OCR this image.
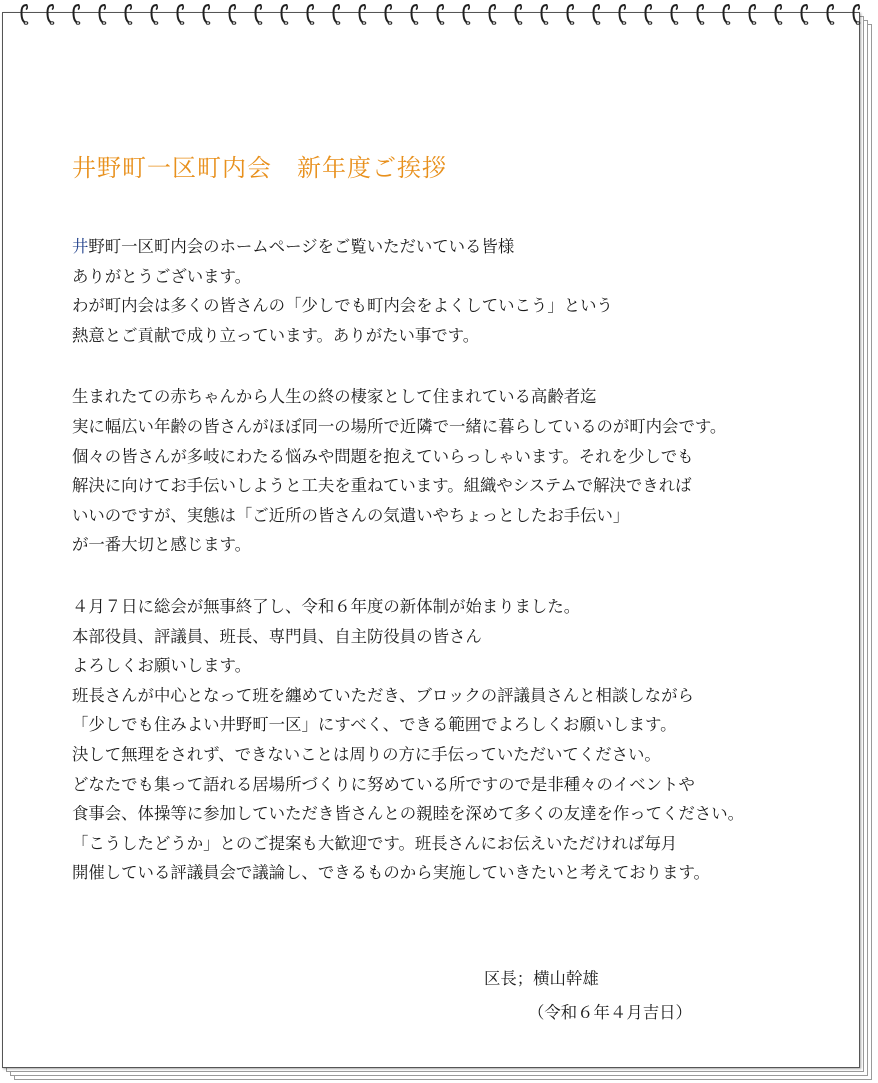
井野町一区町内会　新年度ご挨拶
井野町一区町内会のホームページをご覧いただいている皆様
ありがとうございます。
わが町内会は多くの皆さんの「少しでも町内会をよくしていこう」という
熱意とご貢献で成り立っています。ありがたい事です。
生まれたての赤ちゃんから人生の終の棲家として住まれている高齢者迄
実に幅広い年齢の皆さんがほぼ同一の場所で近隣で一緒に暮らしているのが町内会です。
個々の皆さんが多岐にわたる悩みや問題を抱えていらっしゃいます。それを少しでも
解決に向けてお手伝いしようと工夫を重ねています。組織やシステムで解決できれば
いいのですが、実態は「ご近所の皆さんの気遣いやちょっとしたお手伝い」
が一番大切と感じます。
４月７日に総会が無事終了し、令和６年度の新体制が始まりました。
本部役員、評議員、班長、専門員、自主防役員の皆さん
よろしくお願いします。
班長さんが中心となって班を纏めていただき、ブロックの評議員さんと相談しながら
「少しでも住みよい井野町一区」にすべく、できる範囲でよろしくお願いします。
決して無理をされず、できないことは周りの方に手伝っていただいてください。
どなたでも集って語れる居場所づくりに努めている所ですので是非種々のイベントや
食事会、体操等に参加していただき皆さんとの親睦を深めて多くの友達を作ってください。
「こうしたどうか」とのご提案も大歓迎です。班長さんにお伝えいただければ毎月
開催している評議員会で議論し、できるものから実施していきたいと考えております。
区長；横山幹雄
（令和６年４月吉日）
